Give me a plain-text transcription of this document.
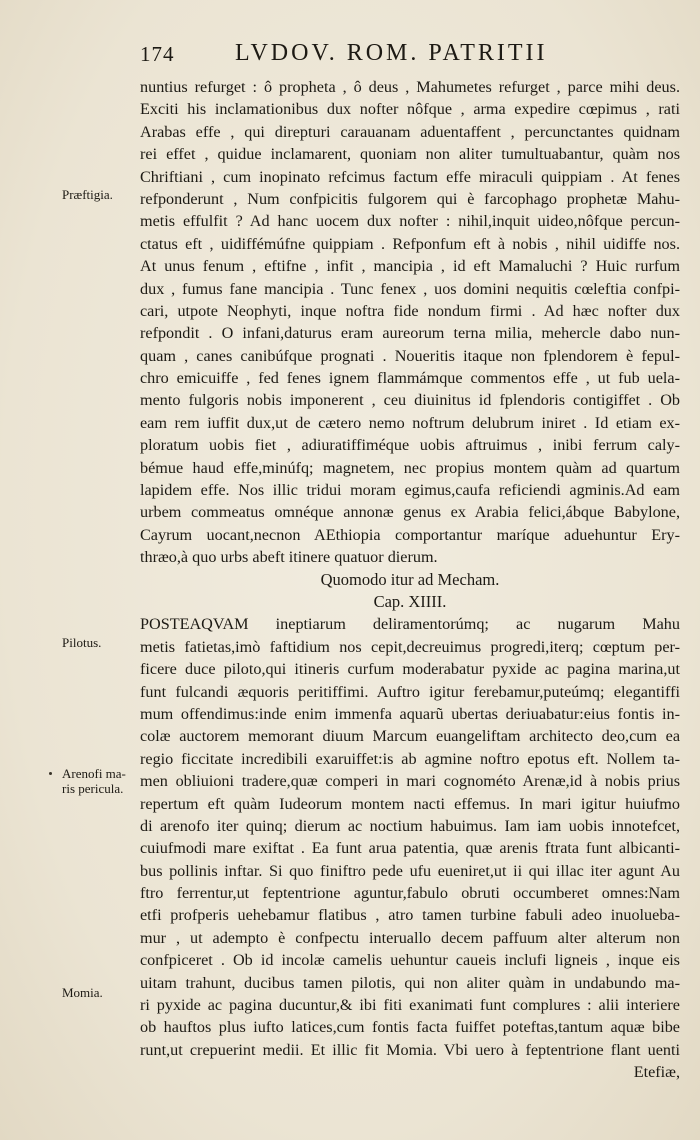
174	LVDOV. ROM. PATRITII
nuntius refurget : ô propheta , ô deus , Mahumetes refurget , parce mihi deus.
Exciti his inclamationibus dux nofter nôfque , arma expedire cœpimus , rati
Arabas effe , qui direpturi carauanam aduentaffent , percunctantes quidnam
rei effet , quidue inclamarent, quoniam non aliter tumultuabantur, quàm nos
Chriftiani , cum inopinato refcimus factum effe miraculi quippiam . At fenes
refponderunt , Num confpicitis fulgorem qui è farcophago prophetæ Mahu-
metis effulfit ? Ad hanc uocem dux nofter : nihil,inquit uideo,nôfque percun-
ctatus eft , uidiffémúfne quippiam . Refponfum eft à nobis , nihil uidiffe nos.
At unus fenum , eftifne , infit , mancipia , id eft Mamaluchi ? Huic rurfum
dux , fumus fane mancipia . Tunc fenex , uos domini nequitis cœleftia confpi-
cari, utpote Neophyti, inque noftra fide nondum firmi . Ad hæc nofter dux
refpondit . O infani,daturus eram aureorum terna milia, mehercle dabo nun-
quam , canes canibúfque prognati . Noueritis itaque non fplendorem è fepul-
chro emicuiffe , fed fenes ignem flammámque commentos effe , ut fub uela-
mento fulgoris nobis imponerent , ceu diuinitus id fplendoris contigiffet . Ob
eam rem iuffit dux,ut de cætero nemo noftrum delubrum iniret . Id etiam ex-
ploratum uobis fiet , adiuratiffiméque uobis aftruimus , inibi ferrum caly-
bémue haud effe,minúfq; magnetem, nec propius montem quàm ad quartum
lapidem effe. Nos illic tridui moram egimus,caufa reficiendi agminis.Ad eam
urbem commeatus omnéque annonæ genus ex Arabia felici,ábque Babylone,
Cayrum uocant,necnon AEthiopia comportantur maríque aduehuntur Ery-
thræo,à quo urbs abeft itinere quatuor dierum.
Quomodo itur ad Mecham.
Cap. XIIII.
POSTEAQVAM ineptiarum deliramentorúmq; ac nugarum Mahu
metis fatietas,imò faftidium nos cepit,decreuimus progredi,iterq; cœptum per-
ficere duce piloto,qui itineris curfum moderabatur pyxide ac pagina marina,ut
funt fulcandi æquoris peritiffimi. Auftro igitur ferebamur,puteúmq; elegantiffi
mum offendimus:inde enim immenfa aquarũ ubertas deriuabatur:eius fontis in-
colæ auctorem memorant diuum Marcum euangeliftam architecto deo,cum ea
regio ficcitate incredibili exaruiffet:is ab agmine noftro epotus eft. Nollem ta-
men obliuioni tradere,quæ comperi in mari cognométo Arenæ,id à nobis prius
repertum eft quàm Iudeorum montem nacti effemus. In mari igitur huiufmo
di arenofo iter quinq; dierum ac noctium habuimus. Iam iam uobis innotefcet,
cuiufmodi mare exiftat . Ea funt arua patentia, quæ arenis ftrata funt albicanti-
bus pollinis inftar. Si quo finiftro pede ufu eueniret,ut ii qui illac iter agunt Au
ftro ferrentur,ut feptentrione aguntur,fabulo obruti occumberet omnes:Nam
etfi profperis uehebamur flatibus , atro tamen turbine fabuli adeo inuolueba-
mur , ut adempto è confpectu interuallo decem paffuum alter alterum non
confpiceret . Ob id incolæ camelis uehuntur caueis inclufi ligneis , inque eis
uitam trahunt, ducibus tamen pilotis, qui non aliter quàm in undabundo ma-
ri pyxide ac pagina ducuntur,& ibi fiti exanimati funt complures : alii interiere
ob hauftos plus iufto latices,cum fontis facta fuiffet poteftas,tantum aquæ bibe
runt,ut crepuerint medii. Et illic fit Momia. Vbi uero à feptentrione flant uenti
Etefiæ,
Præftigia.
Pilotus.
Arenofi ma-
ris pericula.
Momia.
